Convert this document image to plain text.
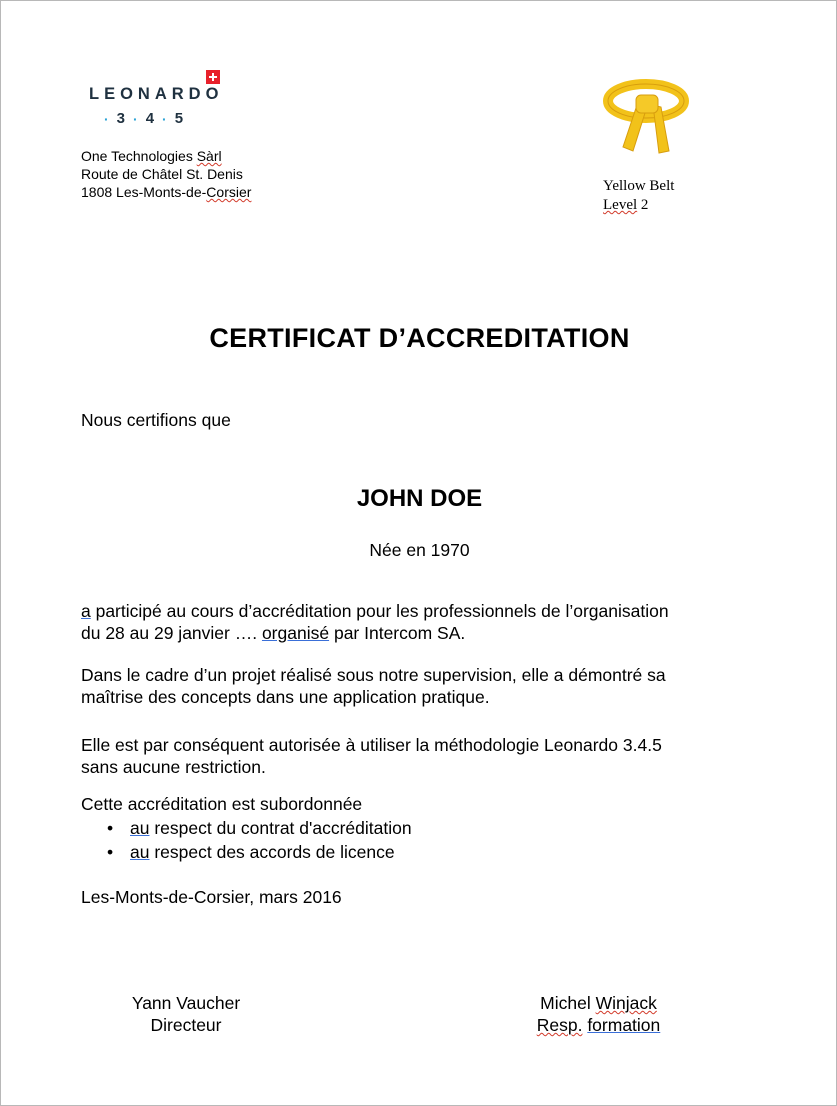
LEONARDO
· 3 · 4 · 5
One Technologies Sàrl
Route de Châtel St. Denis
1808 Les-Monts-de-Corsier	Yellow Belt
Level 2
CERTIFICAT D’ACCREDITATION
Nous certifions que
JOHN DOE
Née en 1970
a participé au cours d’accréditation pour les professionnels de l’organisation
du 28 au 29 janvier …. organisé par Intercom SA.
Dans le cadre d’un projet réalisé sous notre supervision, elle a démontré sa
maîtrise des concepts dans une application pratique.
Elle est par conséquent autorisée à utiliser la méthodologie Leonardo 3.4.5
sans aucune restriction.
Cette accréditation est subordonnée
• au respect du contrat d'accréditation
• au respect des accords de licence
Les-Monts-de-Corsier, mars 2016
Yann Vaucher
Directeur
Michel Winjack
Resp. formation
